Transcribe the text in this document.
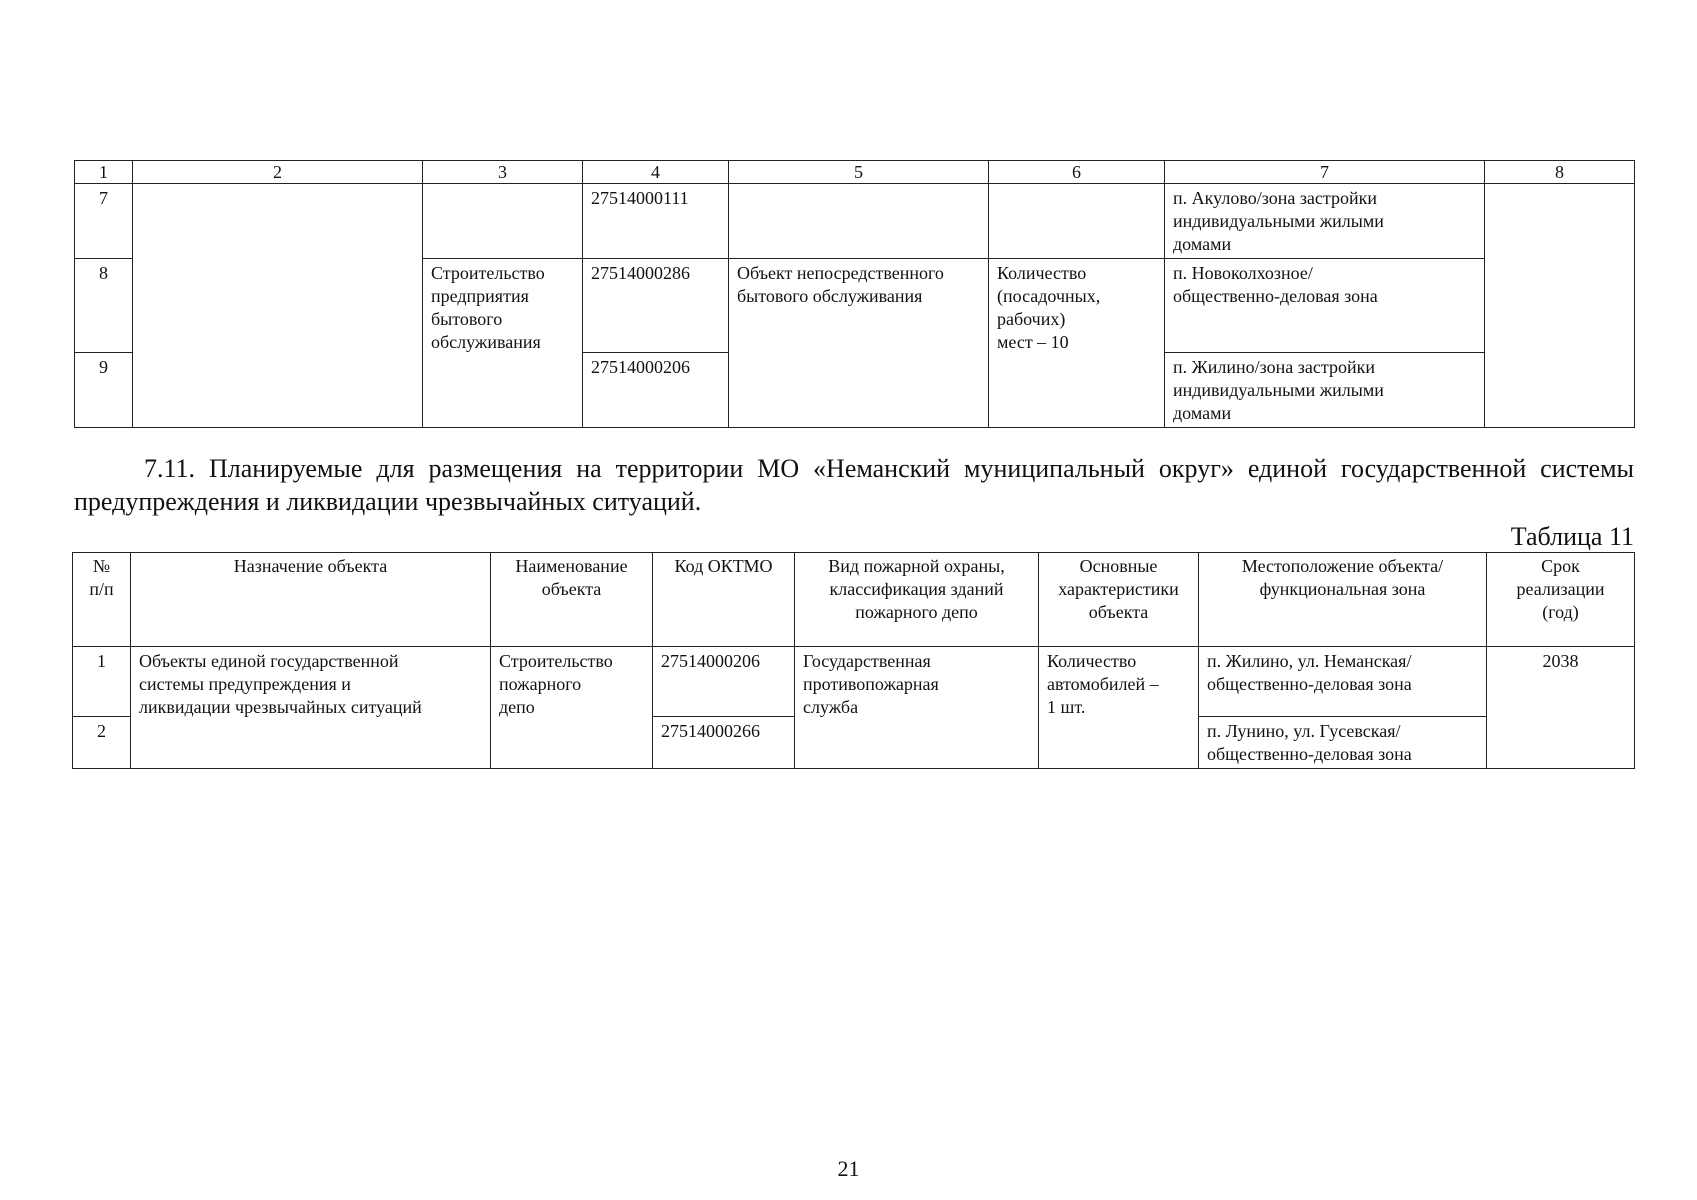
1	2	3	4	5	6	7	8
7			27514000111			п. Акулово/зона застройки
индивидуальными жилыми
домами	
8		Строительство
предприятия
бытового
обслуживания	27514000286	Объект непосредственного
бытового обслуживания	Количество
(посадочных,
рабочих)
мест – 10	п. Новоколхозное/
общественно-деловая зона	
9			27514000206			п. Жилино/зона застройки
индивидуальными жилыми
домами	
7.11. Планируемые для размещения на территории МО «Неманский муниципальный округ» единой государственной системы предупреждения и ликвидации чрезвычайных ситуаций.
Таблица 11
№
п/п	Назначение объекта	Наименование
объекта	Код ОКТМО	Вид пожарной охраны,
классификация зданий
пожарного депо	Основные
характеристики
объекта	Местоположение объекта/
функциональная зона	Срок
реализации
(год)
1	Объекты единой государственной
системы предупреждения и
ликвидации чрезвычайных ситуаций	Строительство
пожарного
депо	27514000206	Государственная
противопожарная
служба	Количество
автомобилей –
1 шт.	п. Жилино, ул. Неманская/
общественно-деловая зона	2038
2			27514000266			п. Лунино, ул. Гусевская/
общественно-деловая зона	
21
